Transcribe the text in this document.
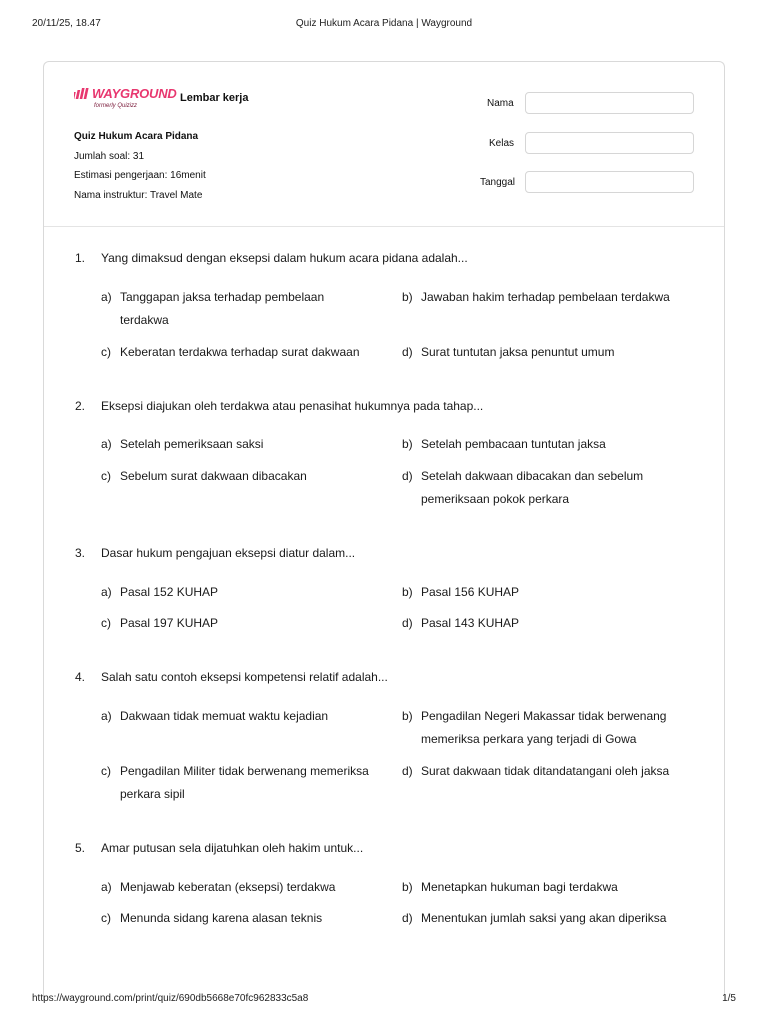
20/11/25, 18.47	Quiz Hukum Acara Pidana | Wayground
WAYGROUND
formerly Quizizz
Lembar kerja
Quiz Hukum Acara Pidana
Jumlah soal: 31
Estimasi pengerjaan: 16menit
Nama instruktur: Travel Mate
Nama
Kelas
Tanggal
1. Yang dimaksud dengan eksepsi dalam hukum acara pidana adalah...
a) Tanggapan jaksa terhadap pembelaan terdakwa
b) Jawaban hakim terhadap pembelaan terdakwa
c) Keberatan terdakwa terhadap surat dakwaan	d) Surat tuntutan jaksa penuntut umum
2. Eksepsi diajukan oleh terdakwa atau penasihat hukumnya pada tahap...
a) Setelah pemeriksaan saksi	b) Setelah pembacaan tuntutan jaksa
c) Sebelum surat dakwaan dibacakan	d) Setelah dakwaan dibacakan dan sebelum pemeriksaan pokok perkara
3. Dasar hukum pengajuan eksepsi diatur dalam...
a) Pasal 152 KUHAP	b) Pasal 156 KUHAP
c) Pasal 197 KUHAP	d) Pasal 143 KUHAP
4. Salah satu contoh eksepsi kompetensi relatif adalah...
a) Dakwaan tidak memuat waktu kejadian	b) Pengadilan Negeri Makassar tidak berwenang memeriksa perkara yang terjadi di Gowa
c) Pengadilan Militer tidak berwenang memeriksa perkara sipil
d) Surat dakwaan tidak ditandatangani oleh jaksa
5. Amar putusan sela dijatuhkan oleh hakim untuk...
a) Menjawab keberatan (eksepsi) terdakwa	b) Menetapkan hukuman bagi terdakwa
c) Menunda sidang karena alasan teknis	d) Menentukan jumlah saksi yang akan diperiksa
https://wayground.com/print/quiz/690db5668e70fc962833c5a8	1/5
